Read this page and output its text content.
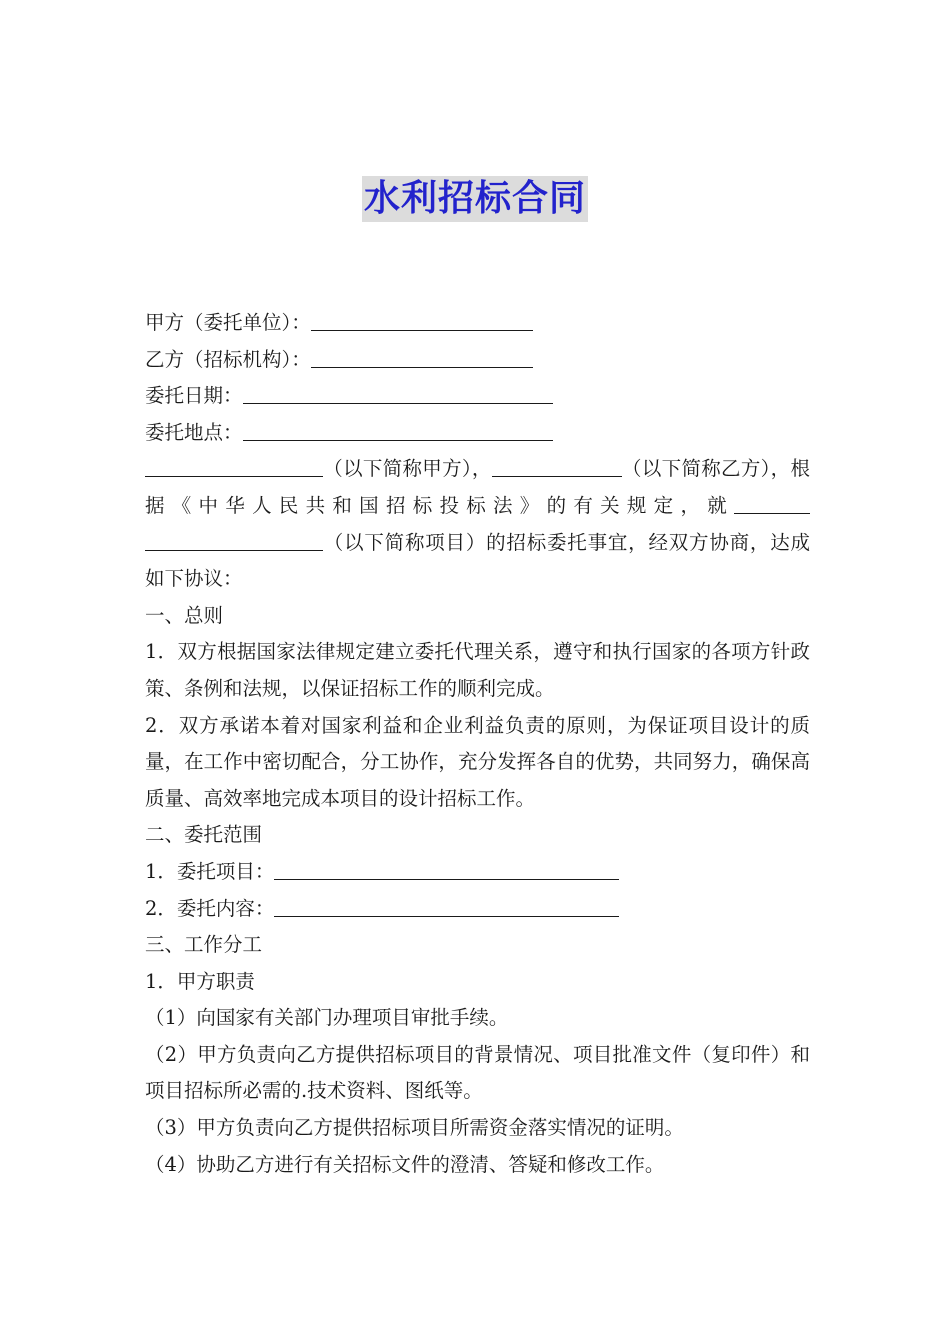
水利招标合同

甲方（委托单位）：

乙方（招标机构）：

委托日期：

委托地点：

（以下简称甲方），	（以下简称乙方），根据《中华人民共和国招标投标法》的有关规定，就（以下简称项目）的招标委托事宜，经双方协商，达成如下协议：

一、总则

1．双方根据国家法律规定建立委托代理关系，遵守和执行国家的各项方针政策、条例和法规，以保证招标工作的顺利完成。

2．双方承诺本着对国家利益和企业利益负责的原则，为保证项目设计的质量，在工作中密切配合，分工协作，充分发挥各自的优势，共同努力，确保高质量、高效率地完成本项目的设计招标工作。

二、委托范围

1．委托项目：

2．委托内容：

三、工作分工

1．甲方职责

（1）向国家有关部门办理项目审批手续。

（2）甲方负责向乙方提供招标项目的背景情况、项目批准文件（复印件）和项目招标所必需的.技术资料、图纸等。

（3）甲方负责向乙方提供招标项目所需资金落实情况的证明。

（4）协助乙方进行有关招标文件的澄清、答疑和修改工作。
